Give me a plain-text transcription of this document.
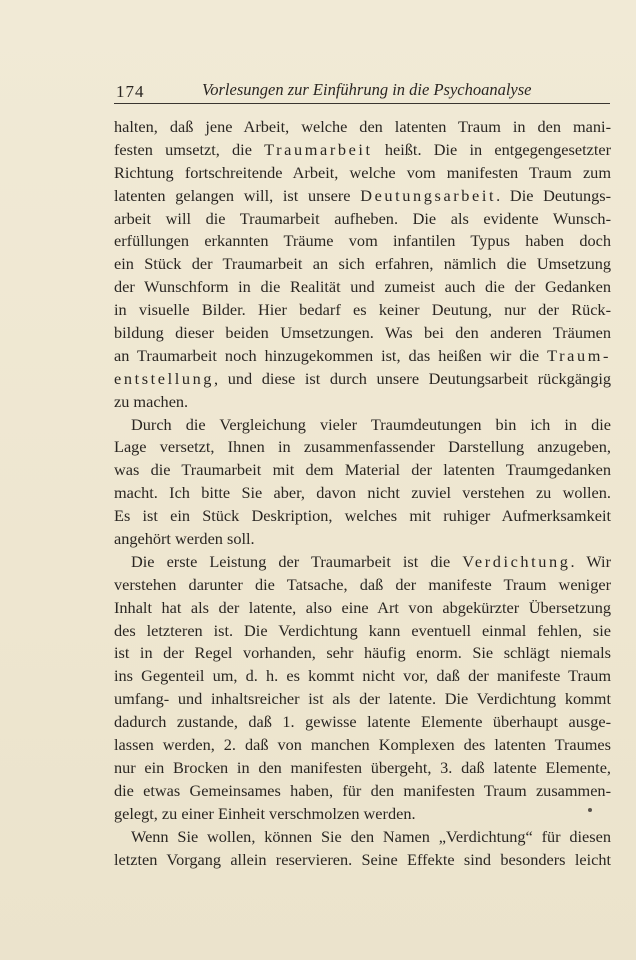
174	Vorlesungen zur Einführung in die Psychoanalyse
halten, daß jene Arbeit, welche den latenten Traum in den mani-
festen umsetzt, die Traumarbeit heißt. Die in entgegengesetzter
Richtung fortschreitende Arbeit, welche vom manifesten Traum zum
latenten gelangen will, ist unsere Deutungsarbeit. Die Deutungs-
arbeit will die Traumarbeit aufheben. Die als evidente Wunsch-
erfüllungen erkannten Träume vom infantilen Typus haben doch
ein Stück der Traumarbeit an sich erfahren, nämlich die Umsetzung
der Wunschform in die Realität und zumeist auch die der Gedanken
in visuelle Bilder. Hier bedarf es keiner Deutung, nur der Rück-
bildung dieser beiden Umsetzungen. Was bei den anderen Träumen
an Traumarbeit noch hinzugekommen ist, das heißen wir die Traum-
entstellung, und diese ist durch unsere Deutungsarbeit rückgängig
zu machen.
Durch die Vergleichung vieler Traumdeutungen bin ich in die
Lage versetzt, Ihnen in zusammenfassender Darstellung anzugeben,
was die Traumarbeit mit dem Material der latenten Traumgedanken
macht. Ich bitte Sie aber, davon nicht zuviel verstehen zu wollen.
Es ist ein Stück Deskription, welches mit ruhiger Aufmerksamkeit
angehört werden soll.
Die erste Leistung der Traumarbeit ist die Verdichtung. Wir
verstehen darunter die Tatsache, daß der manifeste Traum weniger
Inhalt hat als der latente, also eine Art von abgekürzter Übersetzung
des letzteren ist. Die Verdichtung kann eventuell einmal fehlen, sie
ist in der Regel vorhanden, sehr häufig enorm. Sie schlägt niemals
ins Gegenteil um, d. h. es kommt nicht vor, daß der manifeste Traum
umfang- und inhaltsreicher ist als der latente. Die Verdichtung kommt
dadurch zustande, daß 1. gewisse latente Elemente überhaupt ausge-
lassen werden, 2. daß von manchen Komplexen des latenten Traumes
nur ein Brocken in den manifesten übergeht, 3. daß latente Elemente,
die etwas Gemeinsames haben, für den manifesten Traum zusammen-
gelegt, zu einer Einheit verschmolzen werden.
Wenn Sie wollen, können Sie den Namen „Verdichtung“ für diesen
letzten Vorgang allein reservieren. Seine Effekte sind besonders leicht
